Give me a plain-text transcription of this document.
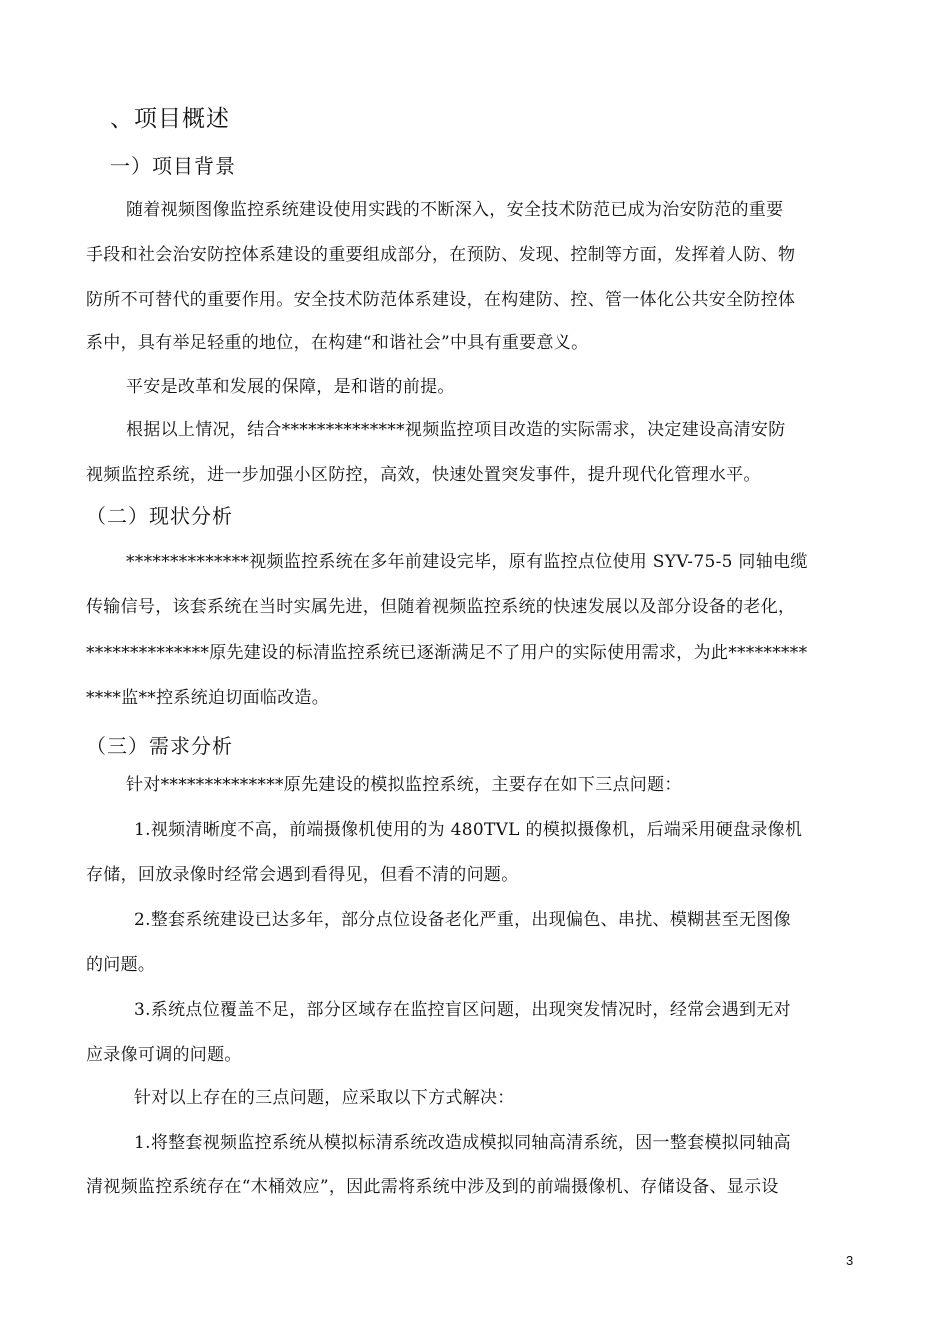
、项目概述
一）项目背景
随着视频图像监控系统建设使用实践的不断深入，安全技术防范已成为治安防范的重要
手段和社会治安防控体系建设的重要组成部分，在预防、发现、控制等方面，发挥着人防、物
防所不可替代的重要作用。安全技术防范体系建设，在构建防、控、管一体化公共安全防控体
系中，具有举足轻重的地位，在构建“和谐社会”中具有重要意义。
平安是改革和发展的保障，是和谐的前提。
根据以上情况，结合**************视频监控项目改造的实际需求，决定建设高清安防
视频监控系统，进一步加强小区防控，高效，快速处置突发事件，提升现代化管理水平。
（二）现状分析
**************视频监控系统在多年前建设完毕，原有监控点位使用 SYV-75-5 同轴电缆
传输信号，该套系统在当时实属先进，但随着视频监控系统的快速发展以及部分设备的老化，
**************原先建设的标清监控系统已逐渐满足不了用户的实际使用需求，为此*********
****监**控系统迫切面临改造。
（三）需求分析
针对**************原先建设的模拟监控系统，主要存在如下三点问题：
1.视频清晰度不高，前端摄像机使用的为 480TVL 的模拟摄像机，后端采用硬盘录像机
存储，回放录像时经常会遇到看得见，但看不清的问题。
2.整套系统建设已达多年，部分点位设备老化严重，出现偏色、串扰、模糊甚至无图像
的问题。
3.系统点位覆盖不足，部分区域存在监控盲区问题，出现突发情况时，经常会遇到无对
应录像可调的问题。
针对以上存在的三点问题，应采取以下方式解决：
1.将整套视频监控系统从模拟标清系统改造成模拟同轴高清系统，因一整套模拟同轴高
清视频监控系统存在“木桶效应”，因此需将系统中涉及到的前端摄像机、存储设备、显示设
3
